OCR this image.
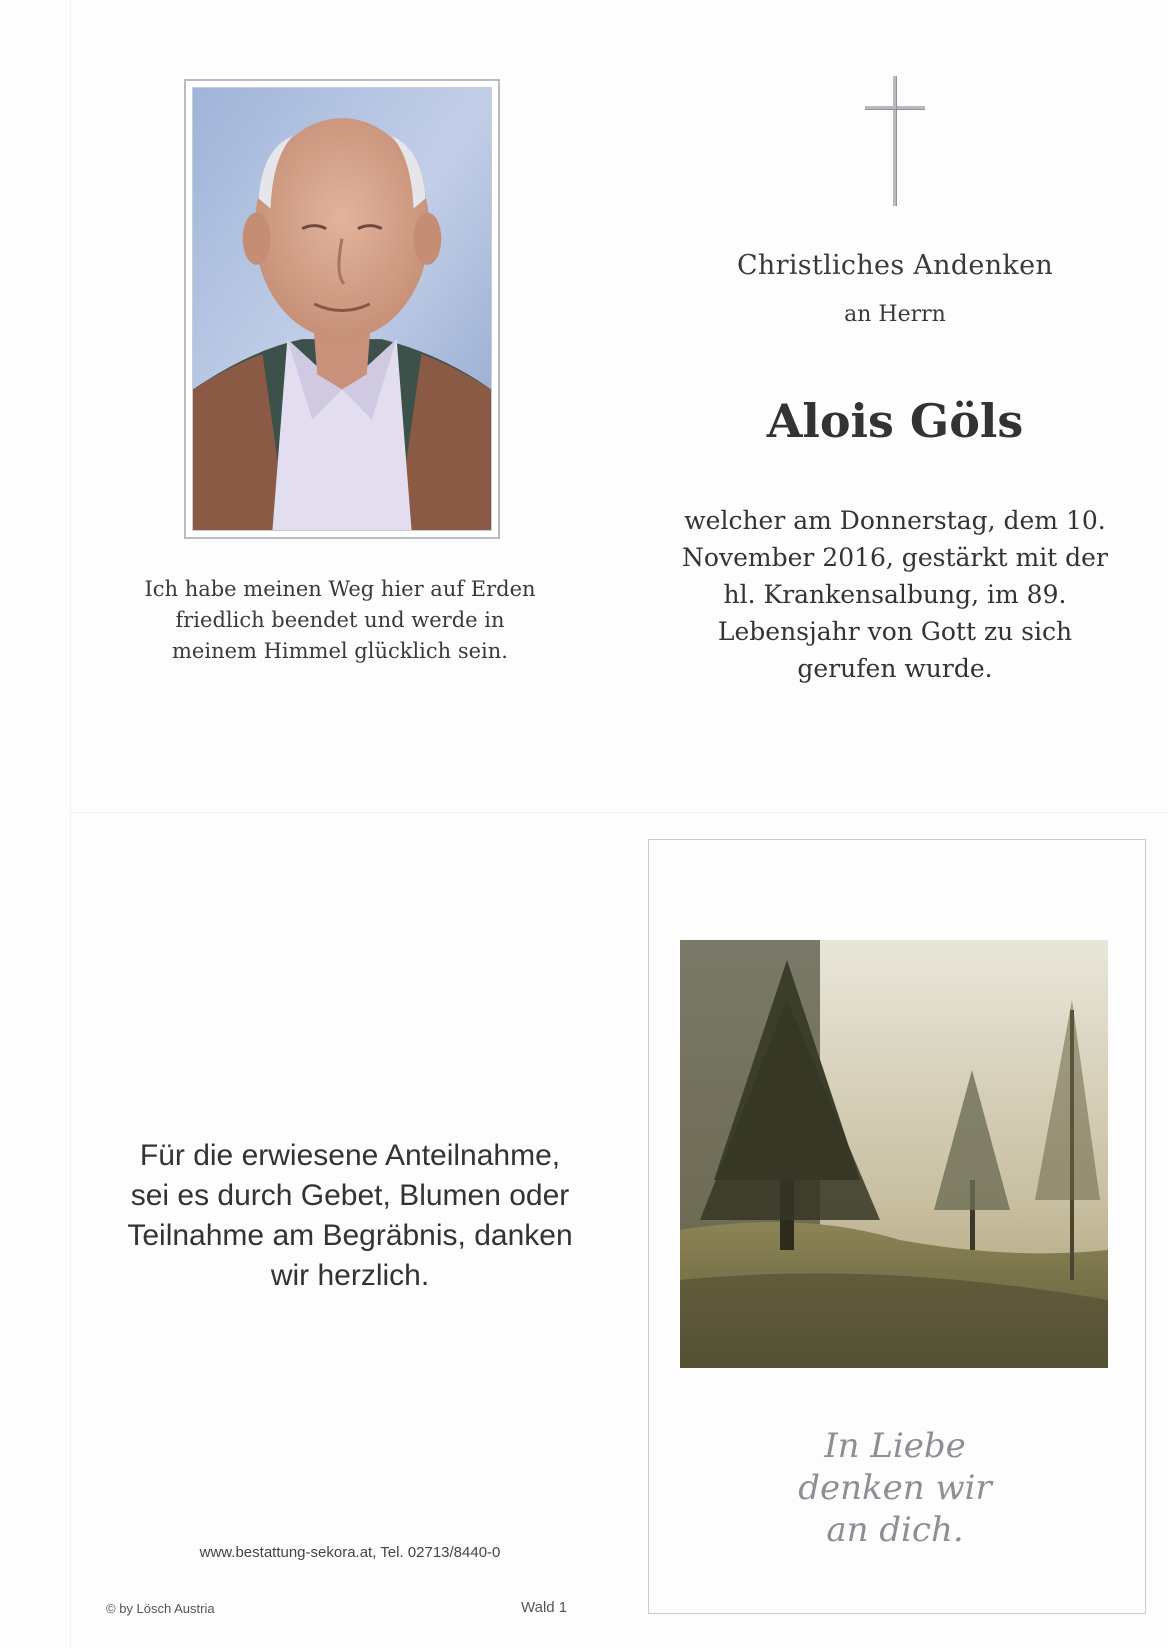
Ich habe meinen Weg hier auf Erden friedlich beendet und werde in meinem Himmel glücklich sein.
Christliches Andenken
an Herrn
Alois Göls
welcher am Donnerstag, dem 10. November 2016, gestärkt mit der hl. Krankensalbung, im 89. Lebensjahr von Gott zu sich gerufen wurde.
Für die erwiesene Anteilnahme, sei es durch Gebet, Blumen oder Teilnahme am Begräbnis, danken wir herzlich.
www.bestattung-sekora.at, Tel. 02713/8440-0
© by Lösch Austria	Wald 1
In Liebe
denken wir
an dich.
